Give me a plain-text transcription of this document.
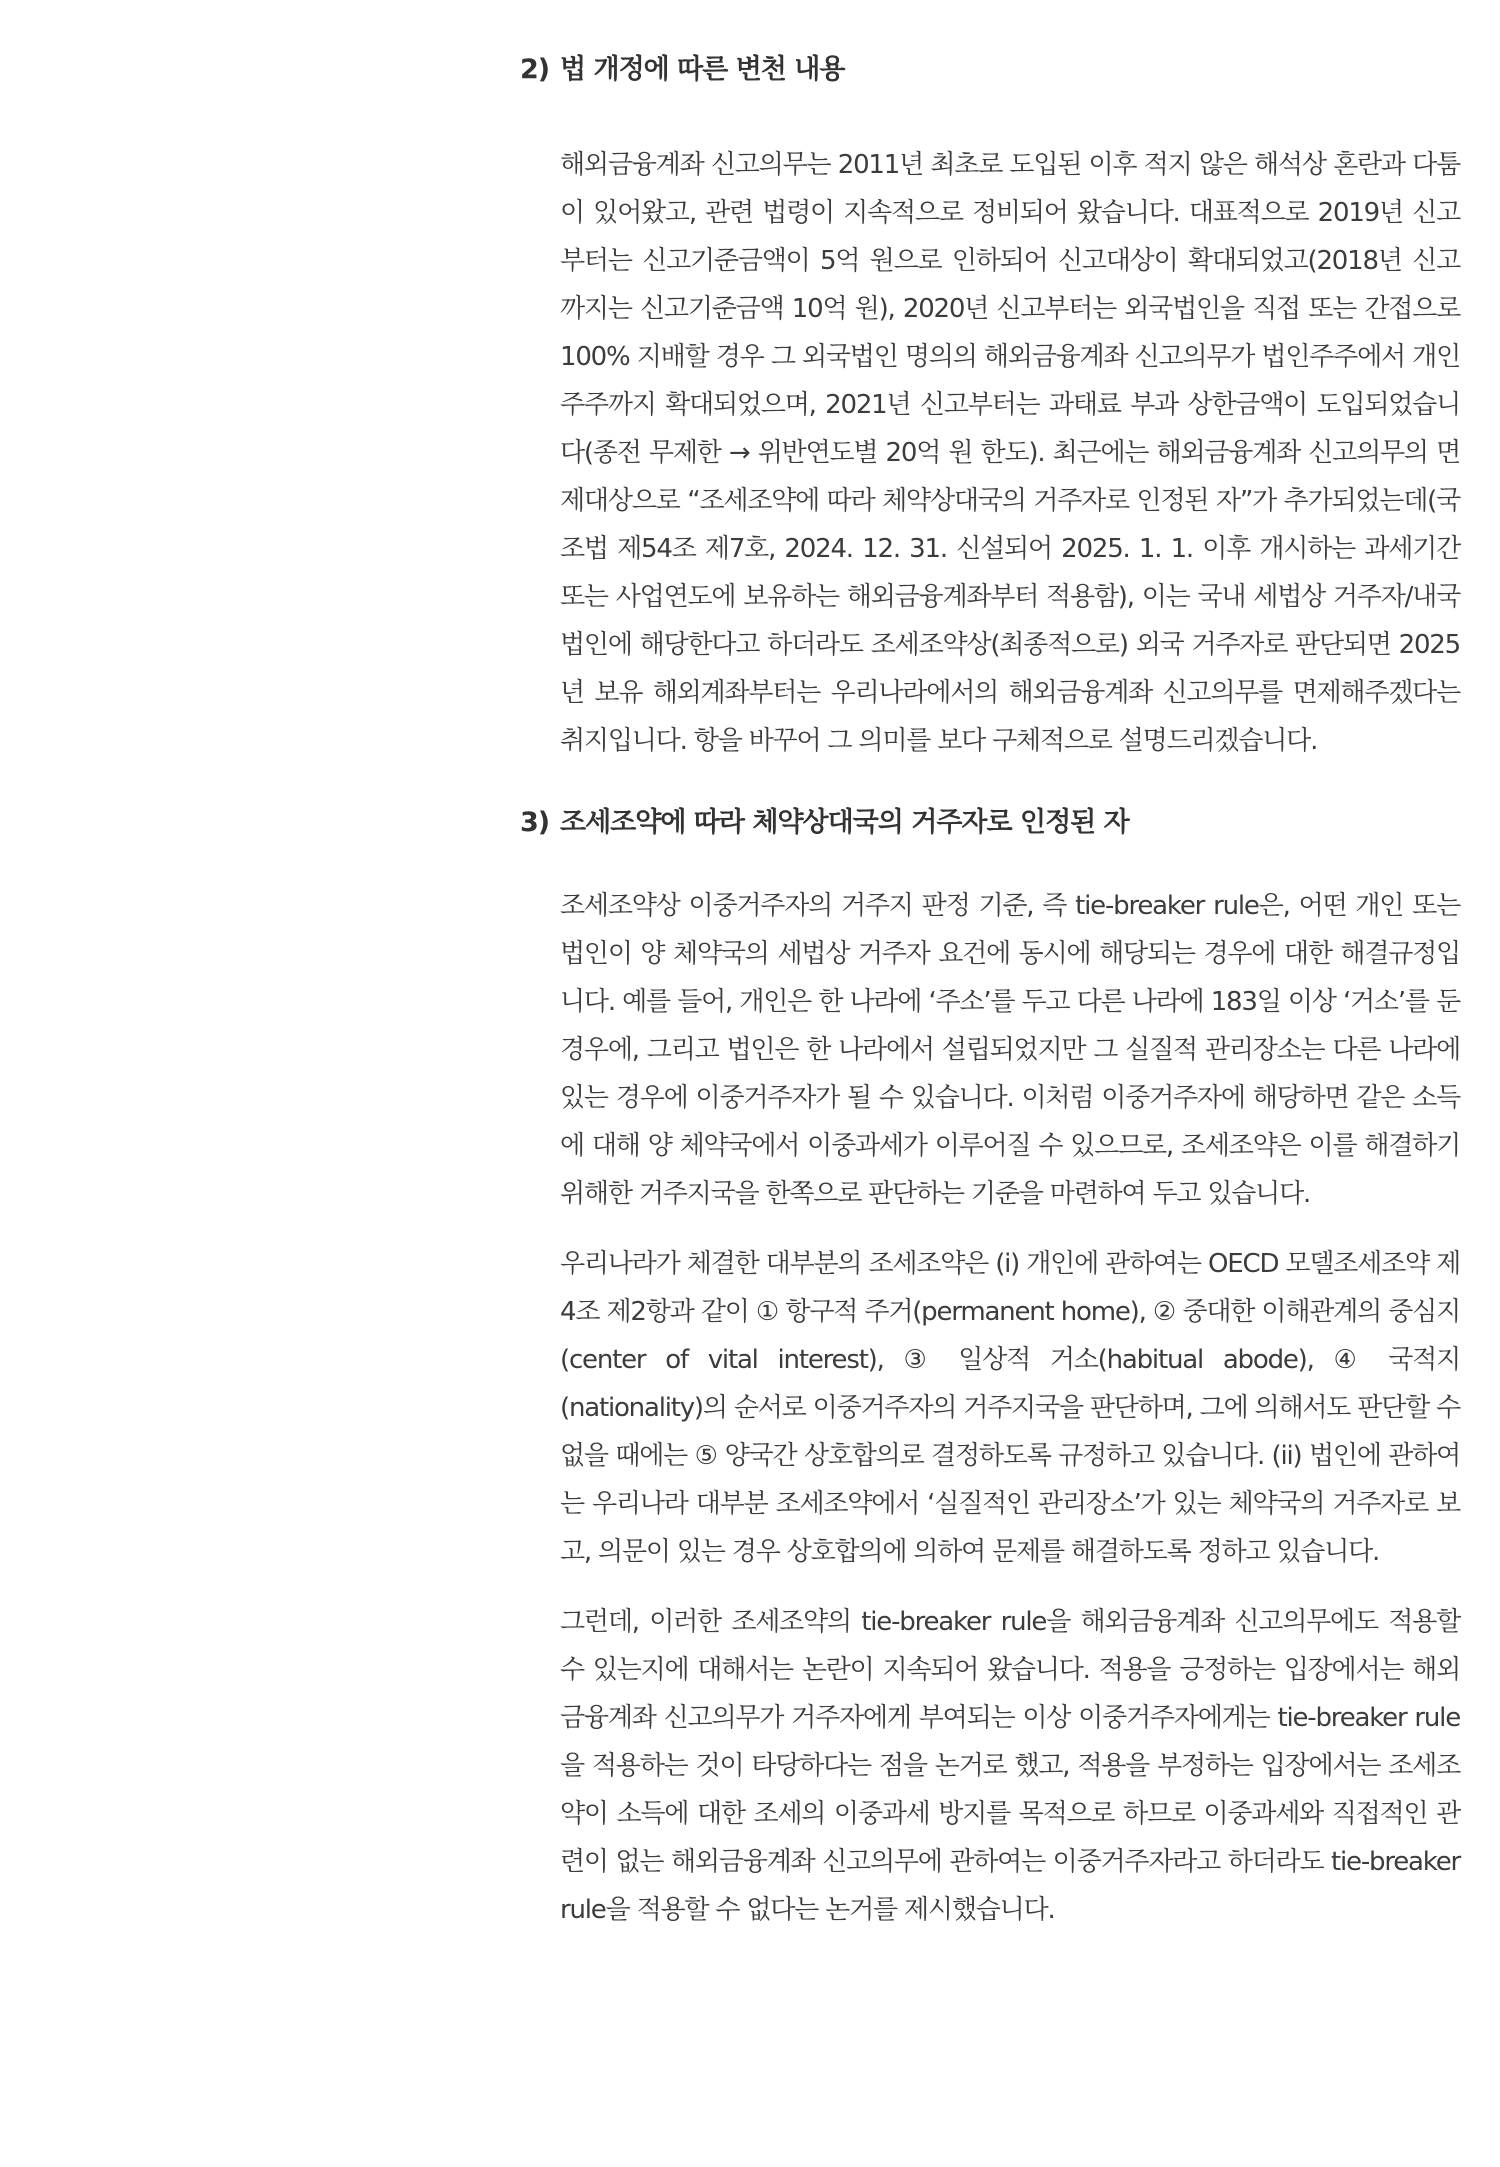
2) 법 개정에 따른 변천 내용

해외금융계좌 신고의무는 2011년 최초로 도입된 이후 적지 않은 해석상 혼란과 다툼이 있어왔고, 관련 법령이 지속적으로 정비되어 왔습니다. 대표적으로 2019년 신고부터는 신고기준금액이 5억 원으로 인하되어 신고대상이 확대되었고(2018년 신고까지는 신고기준금액 10억 원), 2020년 신고부터는 외국법인을 직접 또는 간접으로 100% 지배할 경우 그 외국법인 명의의 해외금융계좌 신고의무가 법인주주에서 개인주주까지 확대되었으며, 2021년 신고부터는 과태료 부과 상한금액이 도입되었습니다(종전 무제한 → 위반연도별 20억 원 한도). 최근에는 해외금융계좌 신고의무의 면제대상으로 “조세조약에 따라 체약상대국의 거주자로 인정된 자”가 추가되었는데(국조법 제54조 제7호, 2024. 12. 31. 신설되어 2025. 1. 1. 이후 개시하는 과세기간 또는 사업연도에 보유하는 해외금융계좌부터 적용함), 이는 국내 세법상 거주자/내국법인에 해당한다고 하더라도 조세조약상(최종적으로) 외국 거주자로 판단되면 2025년 보유 해외계좌부터는 우리나라에서의 해외금융계좌 신고의무를 면제해주겠다는 취지입니다. 항을 바꾸어 그 의미를 보다 구체적으로 설명드리겠습니다.

3) 조세조약에 따라 체약상대국의 거주자로 인정된 자

조세조약상 이중거주자의 거주지 판정 기준, 즉 tie-breaker rule은, 어떤 개인 또는 법인이 양 체약국의 세법상 거주자 요건에 동시에 해당되는 경우에 대한 해결규정입니다. 예를 들어, 개인은 한 나라에 ‘주소’를 두고 다른 나라에 183일 이상 ‘거소’를 둔 경우에, 그리고 법인은 한 나라에서 설립되었지만 그 실질적 관리장소는 다른 나라에 있는 경우에 이중거주자가 될 수 있습니다. 이처럼 이중거주자에 해당하면 같은 소득에 대해 양 체약국에서 이중과세가 이루어질 수 있으므로, 조세조약은 이를 해결하기 위해한 거주지국을 한쪽으로 판단하는 기준을 마련하여 두고 있습니다.

우리나라가 체결한 대부분의 조세조약은 (i) 개인에 관하여는 OECD 모델조세조약 제4조 제2항과 같이 ① 항구적 주거(permanent home), ② 중대한 이해관계의 중심지(center of vital interest), ③ 일상적 거소(habitual abode), ④ 국적지(nationality)의 순서로 이중거주자의 거주지국을 판단하며, 그에 의해서도 판단할 수 없을 때에는 ⑤ 양국간 상호합의로 결정하도록 규정하고 있습니다. (ii) 법인에 관하여는 우리나라 대부분 조세조약에서 ‘실질적인 관리장소’가 있는 체약국의 거주자로 보고, 의문이 있는 경우 상호합의에 의하여 문제를 해결하도록 정하고 있습니다.

그런데, 이러한 조세조약의 tie-breaker rule을 해외금융계좌 신고의무에도 적용할 수 있는지에 대해서는 논란이 지속되어 왔습니다. 적용을 긍정하는 입장에서는 해외금융계좌 신고의무가 거주자에게 부여되는 이상 이중거주자에게는 tie-breaker rule을 적용하는 것이 타당하다는 점을 논거로 했고, 적용을 부정하는 입장에서는 조세조약이 소득에 대한 조세의 이중과세 방지를 목적으로 하므로 이중과세와 직접적인 관련이 없는 해외금융계좌 신고의무에 관하여는 이중거주자라고 하더라도 tie-breaker rule을 적용할 수 없다는 논거를 제시했습니다.
